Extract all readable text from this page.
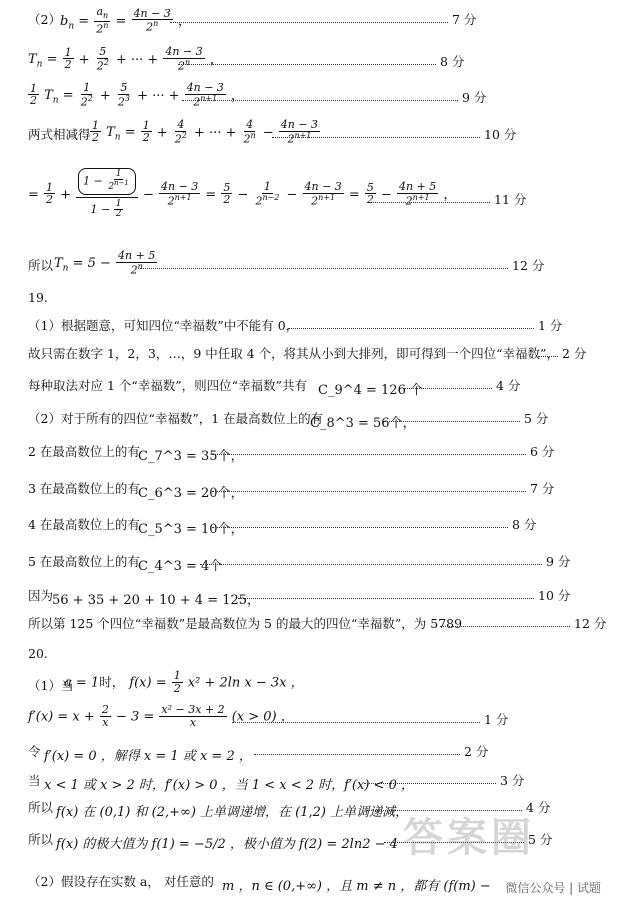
（2） $b_n = \frac{a_n}{2^n} = \frac{4n - 3}{2^n}$ ，	7 分
$T_n = \frac{1}{2} + \frac{5}{2^2}$ + ··· + $\frac{4n - 3}{2^n}$ ，	8 分
$\frac{1}{2} T_n = \frac{1}{2^2} + \frac{5}{2^3}$ + ··· + $\frac{4n - 3}{2^{n+1}}$ ，	9 分
两式相减得 $\frac{1}{2} T_n = \frac{1}{2} + \frac{4}{2^2}$ + ··· + $\frac{4}{2^n} - \frac{4n - 3}{2^{n+1}}$	10 分
= $\frac{1}{2} + \frac{1 - \frac{1}{2^{n-1}}}{1 - \frac{1}{2}} - \frac{4n - 3}{2^{n+1}} = \frac{5}{2} - \frac{1}{2^{n-2}} - \frac{4n - 3}{2^{n+1}} = \frac{5}{2} - \frac{4n + 5}{2^{n+1}}$ ，	11 分
所以 $T_n = 5 - \frac{4n + 5}{2^n}$	12 分
19.
（1）根据题意，可知四位“幸福数”中不能有 0，	1 分
故只需在数字 1，2，3，…，9 中任取 4 个，将其从小到大排列，即可得到一个四位“幸福数”， 2 分
每种取法对应 1 个“幸福数”，则四位“幸福数”共有 C_9^4 = 126 个	4 分
（2）对于所有的四位“幸福数”，1 在最高数位上的有
C_8^3 = 56个，	5 分
2 在最高数位上的有
C_7^3 = 35个，	6 分
3 在最高数位上的有
C_6^3 = 20个，	7 分
4 在最高数位上的有
C_5^3 = 10个，	8 分
5 在最高数位上的有
C_4^3 = 4个	9 分
因为
56 + 35 + 20 + 10 + 4 = 125，	10 分
所以第 125 个四位“幸福数”是最高数位为 5 的最大的四位“幸福数”，为 5789	12 分
20.
（1）当
a = 1时， $f(x) = \frac{1}{2} x^2 + 2\ln$ x − 3x ，
$f'(x) = x + \frac{2}{x} - 3 = \frac{\text{x² − 3x + 2}}{x} (x > 0)$ ，	1 分
令 f′(x) = 0 ，解得 x = 1 或 x = 2 ，	2 分
当 x < 1 或 x > 2 时，f′(x) > 0 ，当 1 < x < 2 时，f′(x) < 0 ，	3 分
所以 f(x) 在 (0,1) 和 (2,+∞) 上单调递增，在 (1,2) 上单调递减，	4 分
所以 f(x) 的极大值为 f(1) = −5/2 ，极小值为 f(2) = 2ln2 − 4	5 分
（2）假设存在实数 a， 对任意的 m ，n ∈ (0,+∞) ，且 m ≠ n ，都有 (f(m) −
答案圈
微信公众号 | 试题
